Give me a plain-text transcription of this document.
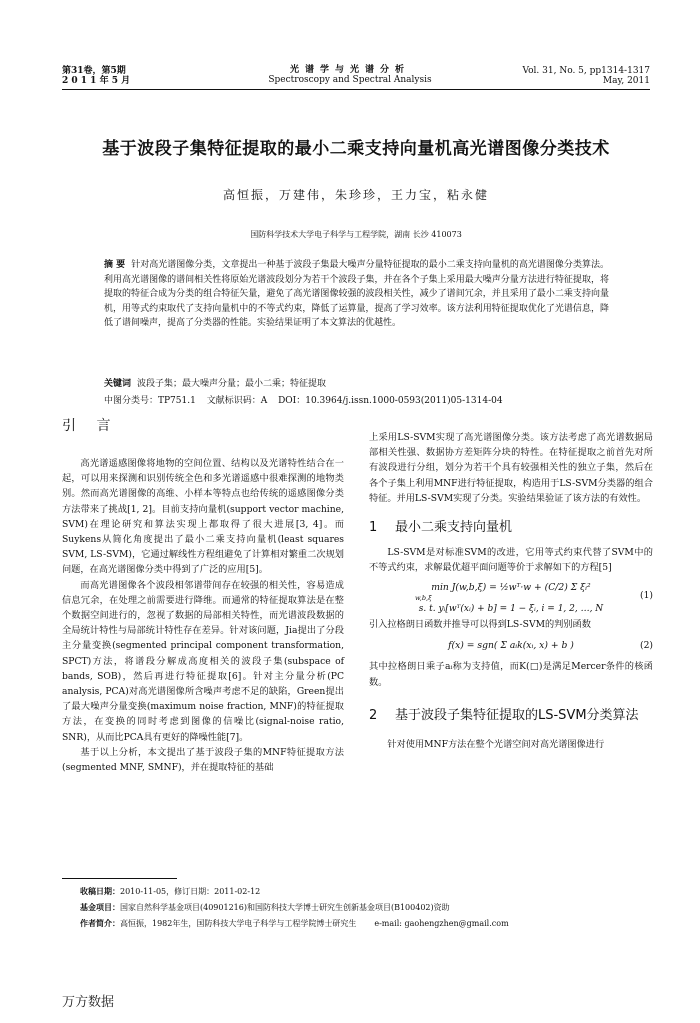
第31卷，第5期
2 0 1 1 年 5 月
光谱学与光谱分析
Spectroscopy and Spectral Analysis
Vol. 31, No. 5, pp1314-1317
May, 2011
基于波段子集特征提取的最小二乘支持向量机高光谱图像分类技术
高恒振，万建伟，朱珍珍，王力宝，粘永健
国防科学技术大学电子科学与工程学院，湖南 长沙 410073
摘 要 针对高光谱图像分类，文章提出一种基于波段子集最大噪声分量特征提取的最小二乘支持向量机的高光谱图像分类算法。利用高光谱图像的谱间相关性将原始光谱波段划分为若干个波段子集，并在各个子集上采用最大噪声分量方法进行特征提取，将提取的特征合成为分类的组合特征矢量，避免了高光谱图像较强的波段相关性，减少了谱间冗余，并且采用了最小二乘支持向量机，用等式约束取代了支持向量机中的不等式约束，降低了运算量，提高了学习效率。该方法利用特征提取优化了光谱信息，降低了谱间噪声，提高了分类器的性能。实验结果证明了本文算法的优越性。
关键词 波段子集；最大噪声分量；最小二乘；特征提取
中图分类号：TP751.1 文献标识码：A DOI：10.3964/j.issn.1000-0593(2011)05-1314-04
引 言

高光谱遥感图像将地物的空间位置、结构以及光谱特性结合在一起，可以用来探测和识别传统全色和多光谱遥感中很难探测的地物类别。然而高光谱图像的高维、小样本等特点也给传统的遥感图像分类方法带来了挑战[1, 2]。目前支持向量机(support vector machine, SVM)在理论研究和算法实现上都取得了很大进展[3, 4]。而Suykens从简化角度提出了最小二乘支持向量机(least squares SVM, LS-SVM)，它通过解线性方程组避免了计算相对繁重二次规划问题，在高光谱图像分类中得到了广泛的应用[5]。

而高光谱图像各个波段相邻谱带间存在较强的相关性，容易造成信息冗余，在处理之前需要进行降维。而通常的特征提取算法是在整个数据空间进行的，忽视了数据的局部相关特性，而光谱波段数据的全局统计特性与局部统计特性存在差异。针对该问题，Jia提出了分段主分量变换(segmented principal component transformation, SPCT)方法，将谱段分解成高度相关的波段子集(subspace of bands, SOB)，然后再进行特征提取[6]。针对主分量分析(PC analysis, PCA)对高光谱图像所含噪声考虑不足的缺陷，Green提出了最大噪声分量变换(maximum noise fraction, MNF)的特征提取方法，在变换的同时考虑到图像的信噪比(signal-noise ratio, SNR)，从而比PCA具有更好的降噪性能[7]。

基于以上分析，本文提出了基于波段子集的MNF特征提取方法(segmented MNF, SMNF)，并在提取特征的基础

上采用LS-SVM实现了高光谱图像分类。该方法考虑了高光谱数据局部相关性强、数据协方差矩阵分块的特性。在特征提取之前首先对所有波段进行分组，划分为若干个具有较强相关性的独立子集，然后在各个子集上利用MNF进行特征提取，构造用于LS-SVM分类器的组合特征。并用LS-SVM实现了分类。实验结果验证了该方法的有效性。

1 最小二乘支持向量机

LS-SVM是对标准SVM的改进，它用等式约束代替了SVM中的不等式约束，求解最优超平面问题等价于求解如下的方程[5]

min J(w,b,ξ) = ½wᵀ·w + (C/2) Σ ξᵢ²
(1)
w,b,ξ
s. t. yᵢ[wᵀ(xᵢ) + b] = 1 − ξᵢ, i = 1, 2, …, N

引入拉格朗日函数并推导可以得到LS-SVM的判别函数

f(x) = sgn( Σ aᵢk(xᵢ, x) + b )	(2)

其中拉格朗日乘子aᵢ称为支持值，而K(□)是满足Mercer条件的核函数。

2	基于波段子集特征提取的LS-SVM分类算法

针对使用MNF方法在整个光谱空间对高光谱图像进行

收稿日期：2010-11-05，修订日期：2011-02-12
基金项目：国家自然科学基金项目(40901216)和国防科技大学博士研究生创新基金项目(B100402)资助
作者简介：高恒振，1982年生，国防科技大学电子科学与工程学院博士研究生 e-mail: gaohengzhen@gmail.com
万方数据
